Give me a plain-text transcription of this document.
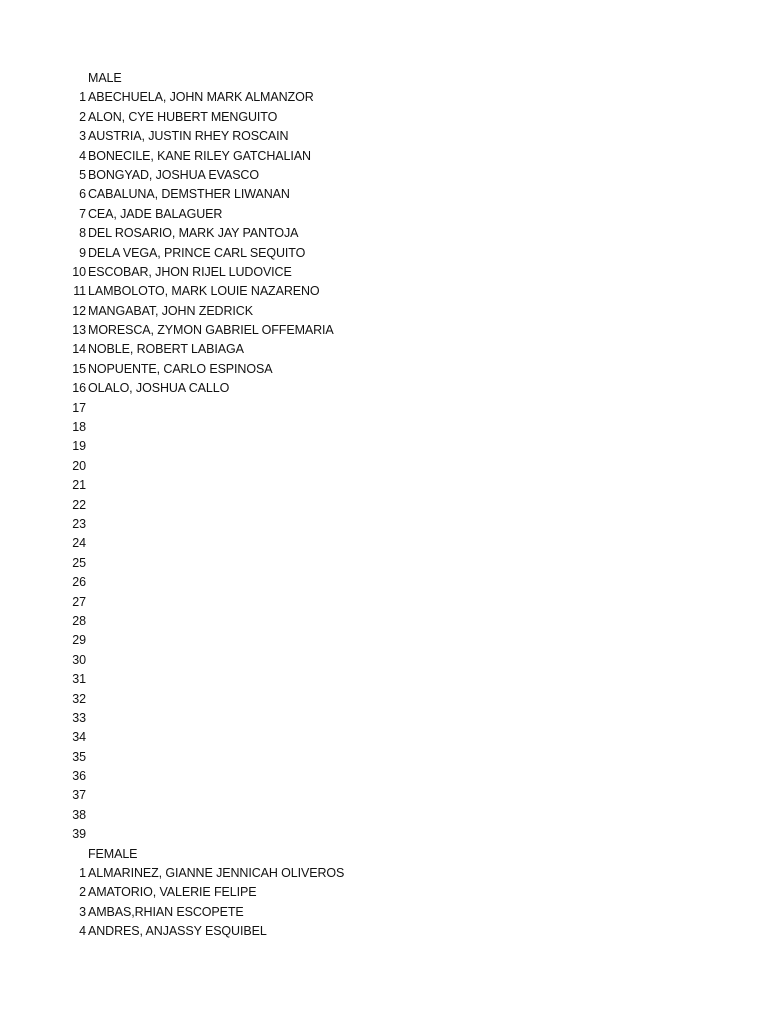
MALE
1 ABECHUELA, JOHN MARK ALMANZOR
2 ALON, CYE HUBERT MENGUITO
3 AUSTRIA, JUSTIN RHEY ROSCAIN
4 BONECILE, KANE RILEY GATCHALIAN
5 BONGYAD, JOSHUA EVASCO
6 CABALUNA, DEMSTHER LIWANAN
7 CEA, JADE BALAGUER
8 DEL ROSARIO, MARK JAY PANTOJA
9 DELA VEGA, PRINCE CARL SEQUITO
10 ESCOBAR, JHON RIJEL LUDOVICE
11 LAMBOLOTO, MARK LOUIE NAZARENO
12 MANGABAT, JOHN ZEDRICK
13 MORESCA, ZYMON GABRIEL OFFEMARIA
14 NOBLE, ROBERT LABIAGA
15 NOPUENTE, CARLO ESPINOSA
16 OLALO, JOSHUA CALLO
17
18
19
20
21
22
23
24
25
26
27
28
29
30
31
32
33
34
35
36
37
38
39
FEMALE
1 ALMARINEZ, GIANNE JENNICAH OLIVEROS
2 AMATORIO, VALERIE FELIPE
3 AMBAS,RHIAN ESCOPETE
4 ANDRES, ANJASSY ESQUIBEL
